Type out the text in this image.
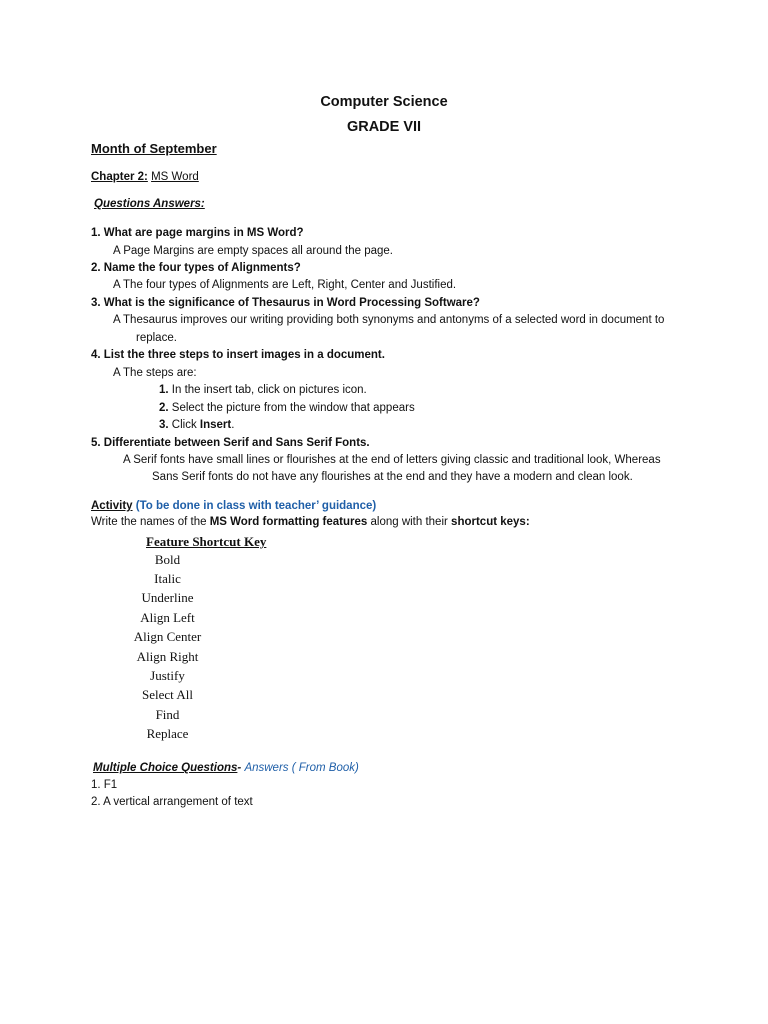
Computer Science
GRADE VII
Month of September
Chapter 2: MS Word
Questions Answers:
1. What are page margins in MS Word?
A Page Margins are empty spaces all around the page.
2. Name the four types of Alignments?
A The four types of Alignments are Left, Right, Center and Justified.
3. What is the significance of Thesaurus in Word Processing Software?
A Thesaurus improves our writing providing both synonyms and antonyms of a selected word in document to
replace.
4. List the three steps to insert images in a document.
A The steps are:
1. In the insert tab, click on pictures icon.
2. Select the picture from the window that appears
3. Click Insert.
5. Differentiate between Serif and Sans Serif Fonts.
A Serif fonts have small lines or flourishes at the end of letters giving classic and traditional look, Whereas
Sans Serif fonts do not have any flourishes at the end and they have a modern and clean look.
Activity (To be done in class with teacher’ guidance)
Write the names of the MS Word formatting features along with their shortcut keys:
Feature Shortcut Key
Bold
Italic
Underline
Align Left
Align Center
Align Right
Justify
Select All
Find
Replace
Multiple Choice Questions- Answers ( From Book)
1. F1
2. A vertical arrangement of text
